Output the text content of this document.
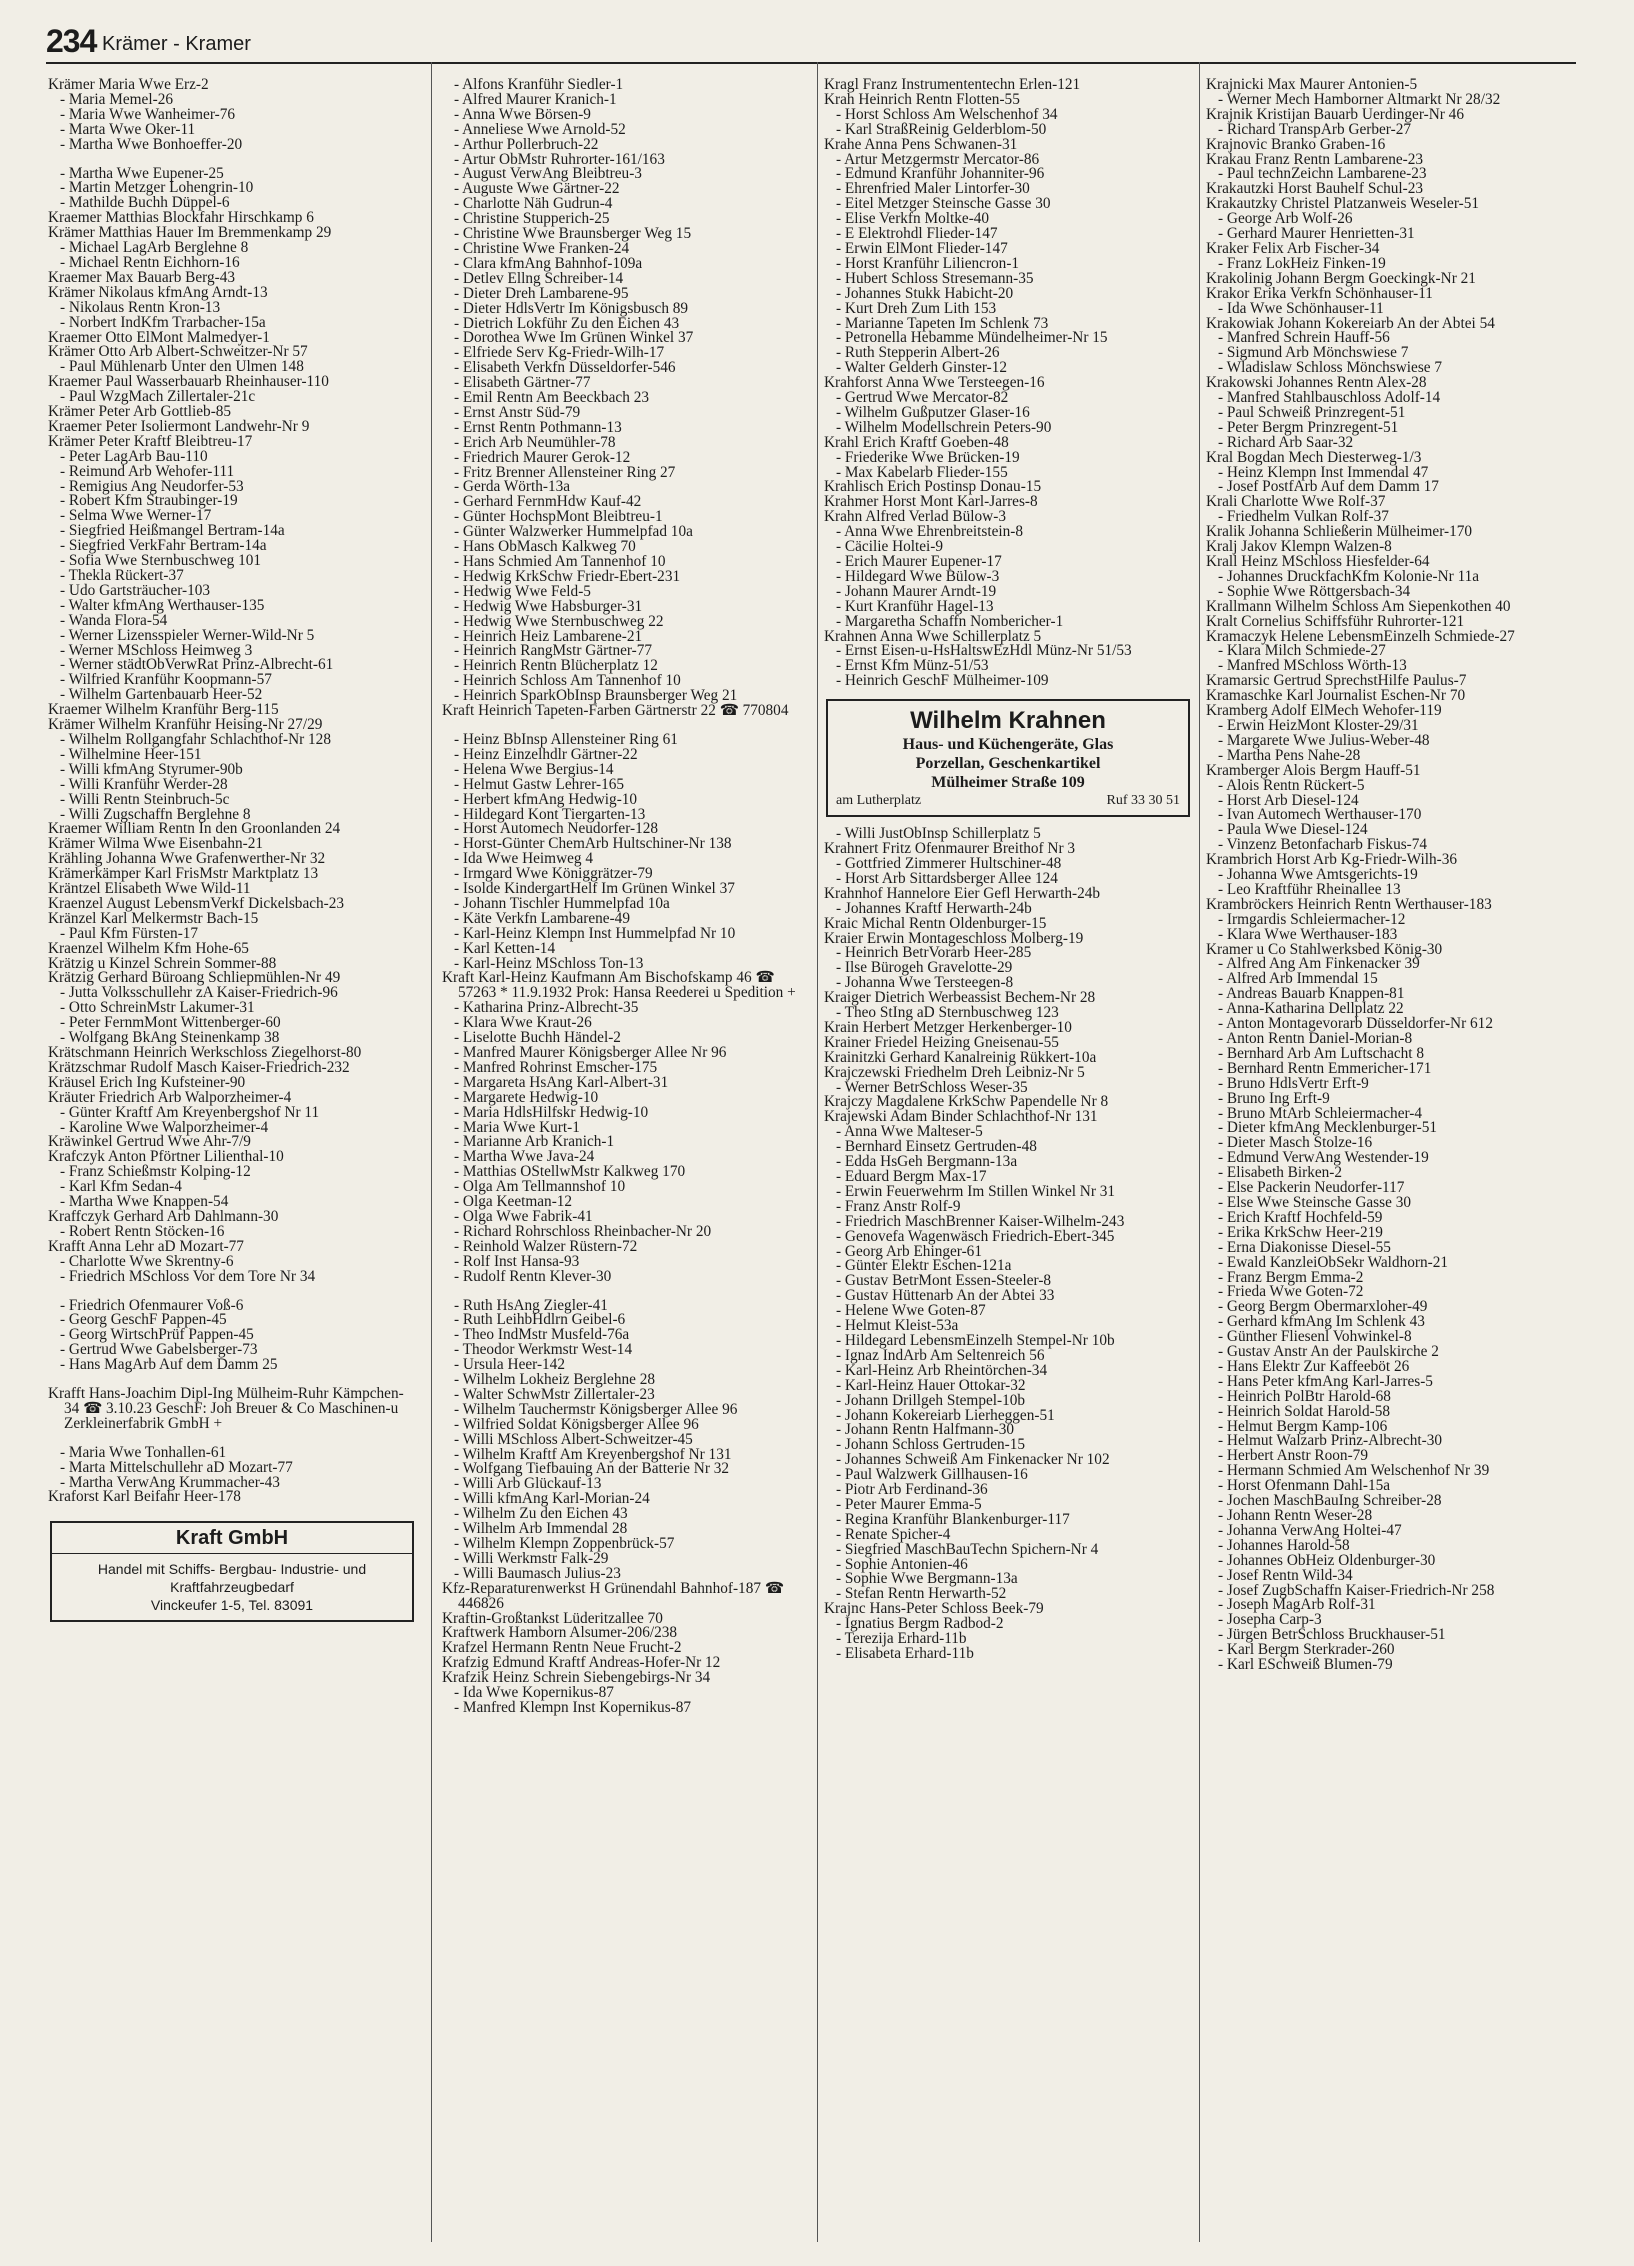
234 Krämer - Kramer
Krämer Maria Wwe Erz-2
- Maria Memel-26
- Maria Wwe Wanheimer-76
- Marta Wwe Oker-11
- Martha Wwe Bonhoeffer-20
- Martha Wwe Eupener-25
- Martin Metzger Lohengrin-10
- Mathilde Buchh Düppel-6
Kraemer Matthias Blockfahr Hirschkamp 6
Krämer Matthias Hauer Im Bremmenkamp 29
- Michael LagArb Berglehne 8
- Michael Rentn Eichhorn-16
Kraemer Max Bauarb Berg-43
Krämer Nikolaus kfmAng Arndt-13
- Nikolaus Rentn Kron-13
- Norbert IndKfm Trarbacher-15a
Kraemer Otto ElMont Malmedyer-1
Krämer Otto Arb Albert-Schweitzer-Nr 57
- Paul Mühlenarb Unter den Ulmen 148
Kraemer Paul Wasserbauarb Rheinhauser-110
- Paul WzgMach Zillertaler-21c
Krämer Peter Arb Gottlieb-85
Kraemer Peter Isoliermont Landwehr-Nr 9
Krämer Peter Kraftf Bleibtreu-17
- Peter LagArb Bau-110
- Reimund Arb Wehofer-111
- Remigius Ang Neudorfer-53
- Robert Kfm Straubinger-19
- Selma Wwe Werner-17
- Siegfried Heißmangel Bertram-14a
- Siegfried VerkFahr Bertram-14a
- Sofia Wwe Sternbuschweg 101
- Thekla Rückert-37
- Udo Gartsträucher-103
- Walter kfmAng Werthauser-135
- Wanda Flora-54
- Werner Lizensspieler Werner-Wild-Nr 5
- Werner MSchloss Heimweg 3
- Werner städtObVerwRat Prinz-Albrecht-61
- Wilfried Kranführ Koopmann-57
- Wilhelm Gartenbauarb Heer-52
Kraemer Wilhelm Kranführ Berg-115
Krämer Wilhelm Kranführ Heising-Nr 27/29
- Wilhelm Rollgangfahr Schlachthof-Nr 128
- Wilhelmine Heer-151
- Willi kfmAng Styrumer-90b
- Willi Kranführ Werder-28
- Willi Rentn Steinbruch-5c
- Willi Zugschaffn Berglehne 8
Kraemer William Rentn In den Groonlanden 24
Krämer Wilma Wwe Eisenbahn-21
Krähling Johanna Wwe Grafenwerther-Nr 32
Krämerkämper Karl FrisMstr Marktplatz 13
Kräntzel Elisabeth Wwe Wild-11
Kraenzel August LebensmVerkf Dickelsbach-23
Kränzel Karl Melkermstr Bach-15
- Paul Kfm Fürsten-17
Kraenzel Wilhelm Kfm Hohe-65
Krätzig u Kinzel Schrein Sommer-88
Krätzig Gerhard Büroang Schliepmühlen-Nr 49
- Jutta Volksschullehr zA Kaiser-Friedrich-96
- Otto SchreinMstr Lakumer-31
- Peter FernmMont Wittenberger-60
- Wolfgang BkAng Steinenkamp 38
Krätschmann Heinrich Werkschloss Ziegelhorst-80
Krätzschmar Rudolf Masch Kaiser-Friedrich-232
Kräusel Erich Ing Kufsteiner-90
Kräuter Friedrich Arb Walporzheimer-4
- Günter Kraftf Am Kreyenbergshof Nr 11
- Karoline Wwe Walporzheimer-4
Kräwinkel Gertrud Wwe Ahr-7/9
Krafczyk Anton Pförtner Lilienthal-10
- Franz Schießmstr Kolping-12
- Karl Kfm Sedan-4
- Martha Wwe Knappen-54
Kraffczyk Gerhard Arb Dahlmann-30
- Robert Rentn Stöcken-16
Krafft Anna Lehr aD Mozart-77
- Charlotte Wwe Skrentny-6
- Friedrich MSchloss Vor dem Tore Nr 34
- Friedrich Ofenmaurer Voß-6
- Georg GeschF Pappen-45
- Georg WirtschPrüf Pappen-45
- Gertrud Wwe Gabelsberger-73
- Hans MagArb Auf dem Damm 25
Krafft Hans-Joachim Dipl-Ing Mülheim-Ruhr Kämpchen-34 ☎ 3.10.23 GeschF: Joh Breuer & Co Maschinen-u Zerkleinerfabrik GmbH +
- Maria Wwe Tonhallen-61
- Marta Mittelschullehr aD Mozart-77
- Martha VerwAng Krummacher-43
Kraforst Karl Beifahr Heer-178
Kraft GmbH
Handel mit Schiffs- Bergbau- Industrie- und
Kraftfahrzeugbedarf
Vinckeufer 1-5, Tel. 83091
- Alfons Kranführ Siedler-1
- Alfred Maurer Kranich-1
- Anna Wwe Börsen-9
- Anneliese Wwe Arnold-52
- Arthur Pollerbruch-22
- Artur ObMstr Ruhrorter-161/163
- August VerwAng Bleibtreu-3
- Auguste Wwe Gärtner-22
- Charlotte Näh Gudrun-4
- Christine Stupperich-25
- Christine Wwe Braunsberger Weg 15
- Christine Wwe Franken-24
- Clara kfmAng Bahnhof-109a
- Detlev Ellng Schreiber-14
- Dieter Dreh Lambarene-95
- Dieter HdlsVertr Im Königsbusch 89
- Dietrich Lokführ Zu den Eichen 43
- Dorothea Wwe Im Grünen Winkel 37
- Elfriede Serv Kg-Friedr-Wilh-17
- Elisabeth Verkfn Düsseldorfer-546
- Elisabeth Gärtner-77
- Emil Rentn Am Beeckbach 23
- Ernst Anstr Süd-79
- Ernst Rentn Pothmann-13
- Erich Arb Neumühler-78
- Friedrich Maurer Gerok-12
- Fritz Brenner Allensteiner Ring 27
- Gerda Wörth-13a
- Gerhard FernmHdw Kauf-42
- Günter HochspMont Bleibtreu-1
- Günter Walzwerker Hummelpfad 10a
- Hans ObMasch Kalkweg 70
- Hans Schmied Am Tannenhof 10
- Hedwig KrkSchw Friedr-Ebert-231
- Hedwig Wwe Feld-5
- Hedwig Wwe Habsburger-31
- Hedwig Wwe Sternbuschweg 22
- Heinrich Heiz Lambarene-21
- Heinrich RangMstr Gärtner-77
- Heinrich Rentn Blücherplatz 12
- Heinrich Schloss Am Tannenhof 10
- Heinrich SparkObInsp Braunsberger Weg 21
Kraft Heinrich Tapeten-Farben Gärtnerstr 22 ☎ 770804
- Heinz BbInsp Allensteiner Ring 61
- Heinz Einzelhdlr Gärtner-22
- Helena Wwe Bergius-14
- Helmut Gastw Lehrer-165
- Herbert kfmAng Hedwig-10
- Hildegard Kont Tiergarten-13
- Horst Automech Neudorfer-128
- Horst-Günter ChemArb Hultschiner-Nr 138
- Ida Wwe Heimweg 4
- Irmgard Wwe Königgrätzer-79
- Isolde KindergartHelf Im Grünen Winkel 37
- Johann Tischler Hummelpfad 10a
- Käte Verkfn Lambarene-49
- Karl-Heinz Klempn Inst Hummelpfad Nr 10
- Karl Ketten-14
- Karl-Heinz MSchloss Ton-13
Kraft Karl-Heinz Kaufmann Am Bischofskamp 46 ☎ 57263 * 11.9.1932 Prok: Hansa Reederei u Spedition +
- Katharina Prinz-Albrecht-35
- Klara Wwe Kraut-26
- Liselotte Buchh Händel-2
- Manfred Maurer Königsberger Allee Nr 96
- Manfred Rohrinst Emscher-175
- Margareta HsAng Karl-Albert-31
- Margarete Hedwig-10
- Maria HdlsHilfskr Hedwig-10
- Maria Wwe Kurt-1
- Marianne Arb Kranich-1
- Martha Wwe Java-24
- Matthias OStellwMstr Kalkweg 170
- Olga Am Tellmannshof 10
- Olga Keetman-12
- Olga Wwe Fabrik-41
- Richard Rohrschloss Rheinbacher-Nr 20
- Reinhold Walzer Rüstern-72
- Rolf Inst Hansa-93
- Rudolf Rentn Klever-30
- Ruth HsAng Ziegler-41
- Ruth LeihbHdlrn Geibel-6
- Theo IndMstr Musfeld-76a
- Theodor Werkmstr West-14
- Ursula Heer-142
- Wilhelm Lokheiz Berglehne 28
- Walter SchwMstr Zillertaler-23
- Wilhelm Tauchermstr Königsberger Allee 96
- Wilfried Soldat Königsberger Allee 96
- Willi MSchloss Albert-Schweitzer-45
- Wilhelm Kraftf Am Kreyenbergshof Nr 131
- Wolfgang Tiefbauing An der Batterie Nr 32
- Willi Arb Glückauf-13
- Willi kfmAng Karl-Morian-24
- Wilhelm Zu den Eichen 43
- Wilhelm Arb Immendal 28
- Wilhelm Klempn Zoppenbrück-57
- Willi Werkmstr Falk-29
- Willi Baumasch Julius-23
Kfz-Reparaturenwerkst H Grünendahl Bahnhof-187 ☎ 446826
Kraftin-Großtankst Lüderitzallee 70
Kraftwerk Hamborn Alsumer-206/238
Krafzel Hermann Rentn Neue Frucht-2
Krafzig Edmund Kraftf Andreas-Hofer-Nr 12
Krafzik Heinz Schrein Siebengebirgs-Nr 34
- Ida Wwe Kopernikus-87
- Manfred Klempn Inst Kopernikus-87
Kragl Franz Instrumententechn Erlen-121
Krah Heinrich Rentn Flotten-55
- Horst Schloss Am Welschenhof 34
- Karl StraßReinig Gelderblom-50
Krahe Anna Pens Schwanen-31
- Artur Metzgermstr Mercator-86
- Edmund Kranführ Johanniter-96
- Ehrenfried Maler Lintorfer-30
- Eitel Metzger Steinsche Gasse 30
- Elise Verkfn Moltke-40
- E Elektrohdl Flieder-147
- Erwin ElMont Flieder-147
- Horst Kranführ Liliencron-1
- Hubert Schloss Stresemann-35
- Johannes Stukk Habicht-20
- Kurt Dreh Zum Lith 153
- Marianne Tapeten Im Schlenk 73
- Petronella Hebamme Mündelheimer-Nr 15
- Ruth Stepperin Albert-26
- Walter Gelderh Ginster-12
Krahforst Anna Wwe Tersteegen-16
- Gertrud Wwe Mercator-82
- Wilhelm Gußputzer Glaser-16
- Wilhelm Modellschrein Peters-90
Krahl Erich Kraftf Goeben-48
- Friederike Wwe Brücken-19
- Max Kabelarb Flieder-155
Krahlisch Erich Postinsp Donau-15
Krahmer Horst Mont Karl-Jarres-8
Krahn Alfred Verlad Bülow-3
- Anna Wwe Ehrenbreitstein-8
- Cäcilie Holtei-9
- Erich Maurer Eupener-17
- Hildegard Wwe Bülow-3
- Johann Maurer Arndt-19
- Kurt Kranführ Hagel-13
- Margaretha Schaffn Nombericher-1
Krahnen Anna Wwe Schillerplatz 5
- Ernst Eisen-u-HsHaltswEzHdl Münz-Nr 51/53
- Ernst Kfm Münz-51/53
- Heinrich GeschF Mülheimer-109
Wilhelm Krahnen
Haus- und Küchengeräte, Glas
Porzellan, Geschenkartikel
Mülheimer Straße 109
am Lutherplatz	Ruf 33 30 51
- Willi JustObInsp Schillerplatz 5
Krahnert Fritz Ofenmaurer Breithof Nr 3
- Gottfried Zimmerer Hultschiner-48
- Horst Arb Sittardsberger Allee 124
Krahnhof Hannelore Eier Gefl Herwarth-24b
- Johannes Kraftf Herwarth-24b
Kraic Michal Rentn Oldenburger-15
Kraier Erwin Montageschloss Molberg-19
- Heinrich BetrVorarb Heer-285
- Ilse Bürogeh Gravelotte-29
- Johanna Wwe Tersteegen-8
Kraiger Dietrich Werbeassist Bechem-Nr 28
- Theo StIng aD Sternbuschweg 123
Krain Herbert Metzger Herkenberger-10
Krainer Friedel Heizing Gneisenau-55
Krainitzki Gerhard Kanalreinig Rükkert-10a
Krajczewski Friedhelm Dreh Leibniz-Nr 5
- Werner BetrSchloss Weser-35
Krajczy Magdalene KrkSchw Papendelle Nr 8
Krajewski Adam Binder Schlachthof-Nr 131
- Anna Wwe Malteser-5
- Bernhard Einsetz Gertruden-48
- Edda HsGeh Bergmann-13a
- Eduard Bergm Max-17
- Erwin Feuerwehrm Im Stillen Winkel Nr 31
- Franz Anstr Rolf-9
- Friedrich MaschBrenner Kaiser-Wilhelm-243
- Genovefa Wagenwäsch Friedrich-Ebert-345
- Georg Arb Ehinger-61
- Günter Elektr Eschen-121a
- Gustav BetrMont Essen-Steeler-8
- Gustav Hüttenarb An der Abtei 33
- Helene Wwe Goten-87
- Helmut Kleist-53a
- Hildegard LebensmEinzelh Stempel-Nr 10b
- Ignaz IndArb Am Seltenreich 56
- Karl-Heinz Arb Rheintörchen-34
- Karl-Heinz Hauer Ottokar-32
- Johann Drillgeh Stempel-10b
- Johann Kokereiarb Lierheggen-51
- Johann Rentn Halfmann-30
- Johann Schloss Gertruden-15
- Johannes Schweiß Am Finkenacker Nr 102
- Paul Walzwerk Gillhausen-16
- Piotr Arb Ferdinand-36
- Peter Maurer Emma-5
- Regina Kranführ Blankenburger-117
- Renate Spicher-4
- Siegfried MaschBauTechn Spichern-Nr 4
- Sophie Antonien-46
- Sophie Wwe Bergmann-13a
- Stefan Rentn Herwarth-52
Krajnc Hans-Peter Schloss Beek-79
- Ignatius Bergm Radbod-2
- Terezija Erhard-11b
- Elisabeta Erhard-11b
Krajnicki Max Maurer Antonien-5
- Werner Mech Hamborner Altmarkt Nr 28/32
Krajnik Kristijan Bauarb Uerdinger-Nr 46
- Richard TranspArb Gerber-27
Krajnovic Branko Graben-16
Krakau Franz Rentn Lambarene-23
- Paul technZeichn Lambarene-23
Krakautzki Horst Bauhelf Schul-23
Krakautzky Christel Platzanweis Weseler-51
- George Arb Wolf-26
- Gerhard Maurer Henrietten-31
Kraker Felix Arb Fischer-34
- Franz LokHeiz Finken-19
Krakolinig Johann Bergm Goeckingk-Nr 21
Krakor Erika Verkfn Schönhauser-11
- Ida Wwe Schönhauser-11
Krakowiak Johann Kokereiarb An der Abtei 54
- Manfred Schrein Hauff-56
- Sigmund Arb Mönchswiese 7
- Wladislaw Schloss Mönchswiese 7
Krakowski Johannes Rentn Alex-28
- Manfred Stahlbauschloss Adolf-14
- Paul Schweiß Prinzregent-51
- Peter Bergm Prinzregent-51
- Richard Arb Saar-32
Kral Bogdan Mech Diesterweg-1/3
- Heinz Klempn Inst Immendal 47
- Josef PostfArb Auf dem Damm 17
Krali Charlotte Wwe Rolf-37
- Friedhelm Vulkan Rolf-37
Kralik Johanna Schließerin Mülheimer-170
Kralj Jakov Klempn Walzen-8
Krall Heinz MSchloss Hiesfelder-64
- Johannes DruckfachKfm Kolonie-Nr 11a
- Sophie Wwe Röttgersbach-34
Krallmann Wilhelm Schloss Am Siepenkothen 40
Kralt Cornelius Schiffsführ Ruhrorter-121
Kramaczyk Helene LebensmEinzelh Schmiede-27
- Klara Milch Schmiede-27
- Manfred MSchloss Wörth-13
Kramarsic Gertrud SprechstHilfe Paulus-7
Kramaschke Karl Journalist Eschen-Nr 70
Kramberg Adolf ElMech Wehofer-119
- Erwin HeizMont Kloster-29/31
- Margarete Wwe Julius-Weber-48
- Martha Pens Nahe-28
Kramberger Alois Bergm Hauff-51
- Alois Rentn Rückert-5
- Horst Arb Diesel-124
- Ivan Automech Werthauser-170
- Paula Wwe Diesel-124
- Vinzenz Betonfacharb Fiskus-74
Krambrich Horst Arb Kg-Friedr-Wilh-36
- Johanna Wwe Amtsgerichts-19
- Leo Kraftführ Rheinallee 13
Krambröckers Heinrich Rentn Werthauser-183
- Irmgardis Schleiermacher-12
- Klara Wwe Werthauser-183
Kramer u Co Stahlwerksbed König-30
- Alfred Ang Am Finkenacker 39
- Alfred Arb Immendal 15
- Andreas Bauarb Knappen-81
- Anna-Katharina Dellplatz 22
- Anton Montagevorarb Düsseldorfer-Nr 612
- Anton Rentn Daniel-Morian-8
- Bernhard Arb Am Luftschacht 8
- Bernhard Rentn Emmericher-171
- Bruno HdlsVertr Erft-9
- Bruno Ing Erft-9
- Bruno MtArb Schleiermacher-4
- Dieter kfmAng Mecklenburger-51
- Dieter Masch Stolze-16
- Edmund VerwAng Westender-19
- Elisabeth Birken-2
- Else Packerin Neudorfer-117
- Else Wwe Steinsche Gasse 30
- Erich Kraftf Hochfeld-59
- Erika KrkSchw Heer-219
- Erna Diakonisse Diesel-55
- Ewald KanzleiObSekr Waldhorn-21
- Franz Bergm Emma-2
- Frieda Wwe Goten-72
- Georg Bergm Obermarxloher-49
- Gerhard kfmAng Im Schlenk 43
- Günther Fliesenl Vohwinkel-8
- Gustav Anstr An der Paulskirche 2
- Hans Elektr Zur Kaffeeböt 26
- Hans Peter kfmAng Karl-Jarres-5
- Heinrich PolBtr Harold-68
- Heinrich Soldat Harold-58
- Helmut Bergm Kamp-106
- Helmut Walzarb Prinz-Albrecht-30
- Herbert Anstr Roon-79
- Hermann Schmied Am Welschenhof Nr 39
- Horst Ofenmann Dahl-15a
- Jochen MaschBauIng Schreiber-28
- Johann Rentn Weser-28
- Johanna VerwAng Holtei-47
- Johannes Harold-58
- Johannes ObHeiz Oldenburger-30
- Josef Rentn Wild-34
- Josef ZugbSchaffn Kaiser-Friedrich-Nr 258
- Joseph MagArb Rolf-31
- Josepha Carp-3
- Jürgen BetrSchloss Bruckhauser-51
- Karl Bergm Sterkrader-260
- Karl ESchweiß Blumen-79
